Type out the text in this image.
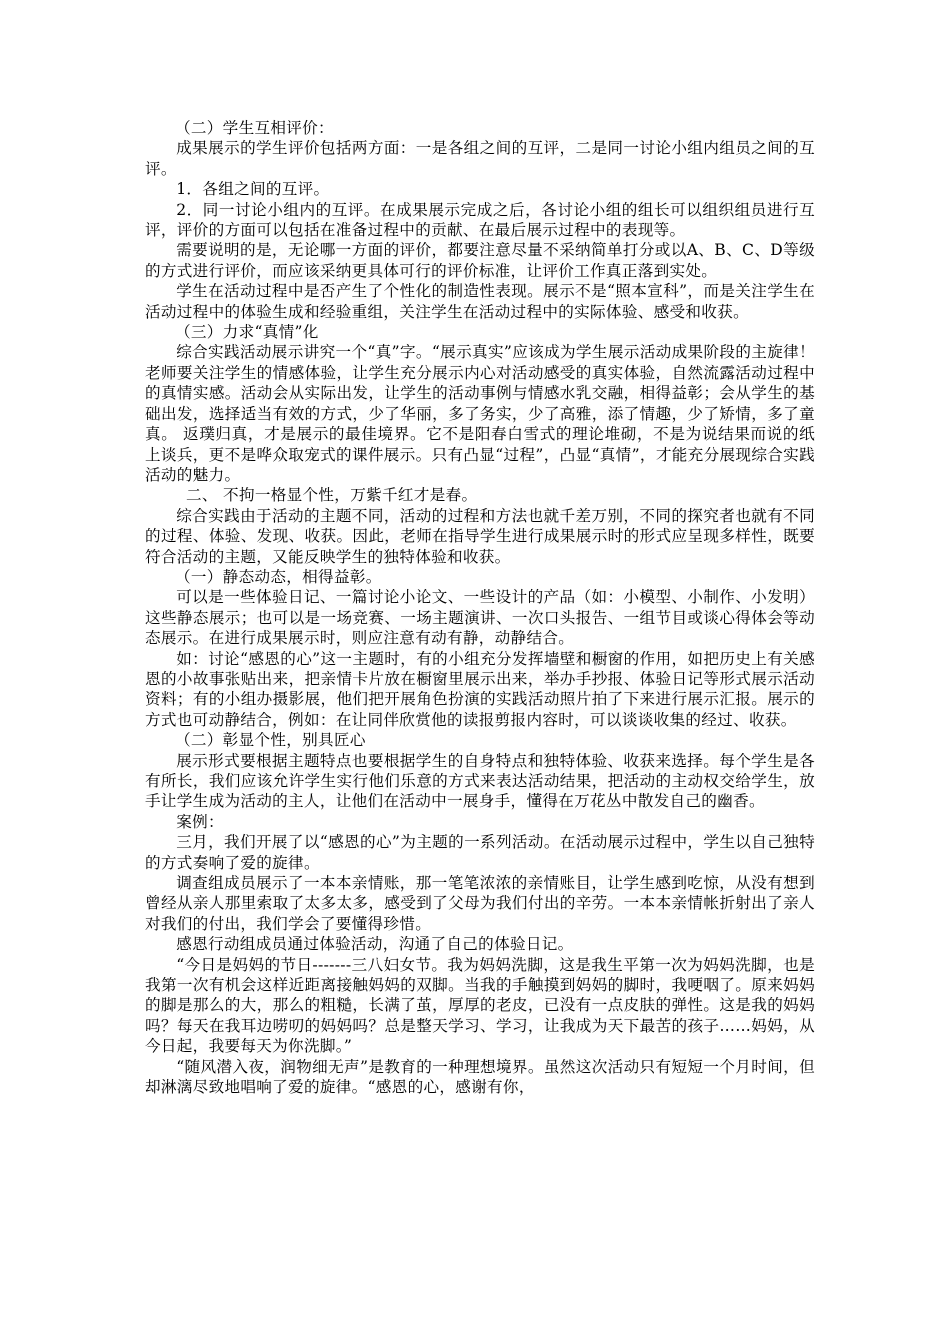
（二）学生互相评价：

成果展示的学生评价包括两方面：一是各组之间的互评，二是同一讨论小组内组员之间的互评。

1．各组之间的互评。

2．同一讨论小组内的互评。在成果展示完成之后，各讨论小组的组长可以组织组员进行互评，评价的方面可以包括在准备过程中的贡献、在最后展示过程中的表现等。

需要说明的是，无论哪一方面的评价，都要注意尽量不采纳简单打分或以A、B、C、D等级的方式进行评价，而应该采纳更具体可行的评价标准，让评价工作真正落到实处。

学生在活动过程中是否产生了个性化的制造性表现。展示不是“照本宣科”，而是关注学生在活动过程中的体验生成和经验重组，关注学生在活动过程中的实际体验、感受和收获。

（三）力求“真情”化

综合实践活动展示讲究一个“真”字。“展示真实”应该成为学生展示活动成果阶段的主旋律！老师要关注学生的情感体验，让学生充分展示内心对活动感受的真实体验，自然流露活动过程中的真情实感。活动会从实际出发，让学生的活动事例与情感水乳交融，相得益彰；会从学生的基础出发，选择适当有效的方式，少了华丽，多了务实，少了高雅，添了情趣，少了矫情，多了童真。 返璞归真，才是展示的最佳境界。它不是阳春白雪式的理论堆砌，不是为说结果而说的纸上谈兵，更不是哗众取宠式的课件展示。只有凸显“过程”，凸显“真情”，才能充分展现综合实践活动的魅力。

二、 不拘一格显个性，万紫千红才是春。

综合实践由于活动的主题不同，活动的过程和方法也就千差万别，不同的探究者也就有不同的过程、体验、发现、收获。因此，老师在指导学生进行成果展示时的形式应呈现多样性，既要符合活动的主题，又能反映学生的独特体验和收获。

（一）静态动态，相得益彰。

可以是一些体验日记、一篇讨论小论文、一些设计的产品（如：小模型、小制作、小发明）这些静态展示；也可以是一场竞赛、一场主题演讲、一次口头报告、一组节目或谈心得体会等动态展示。在进行成果展示时，则应注意有动有静，动静结合。

如：讨论“感恩的心”这一主题时，有的小组充分发挥墙壁和橱窗的作用，如把历史上有关感恩的小故事张贴出来，把亲情卡片放在橱窗里展示出来，举办手抄报、体验日记等形式展示活动资料；有的小组办摄影展，他们把开展角色扮演的实践活动照片拍了下来进行展示汇报。展示的方式也可动静结合，例如：在让同伴欣赏他的读报剪报内容时，可以谈谈收集的经过、收获。

（二）彰显个性，别具匠心

展示形式要根据主题特点也要根据学生的自身特点和独特体验、收获来选择。每个学生是各有所长，我们应该允许学生实行他们乐意的方式来表达活动结果，把活动的主动权交给学生，放手让学生成为活动的主人，让他们在活动中一展身手，懂得在万花丛中散发自己的幽香。

案例：

三月，我们开展了以“感恩的心”为主题的一系列活动。在活动展示过程中，学生以自己独特的方式奏响了爱的旋律。

调查组成员展示了一本本亲情账，那一笔笔浓浓的亲情账目，让学生感到吃惊，从没有想到曾经从亲人那里索取了太多太多，感受到了父母为我们付出的辛劳。一本本亲情帐折射出了亲人对我们的付出，我们学会了要懂得珍惜。

感恩行动组成员通过体验活动，沟通了自己的体验日记。

“今日是妈妈的节日-------三八妇女节。我为妈妈洗脚，这是我生平第一次为妈妈洗脚，也是我第一次有机会这样近距离接触妈妈的双脚。当我的手触摸到妈妈的脚时，我哽咽了。原来妈妈的脚是那么的大，那么的粗糙，长满了茧，厚厚的老皮，已没有一点皮肤的弹性。这是我的妈妈吗？每天在我耳边唠叨的妈妈吗？总是整天学习、学习，让我成为天下最苦的孩子……妈妈，从今日起，我要每天为你洗脚。”

“随风潜入夜，润物细无声”是教育的一种理想境界。虽然这次活动只有短短一个月时间，但却淋漓尽致地唱响了爱的旋律。“感恩的心，感谢有你，
